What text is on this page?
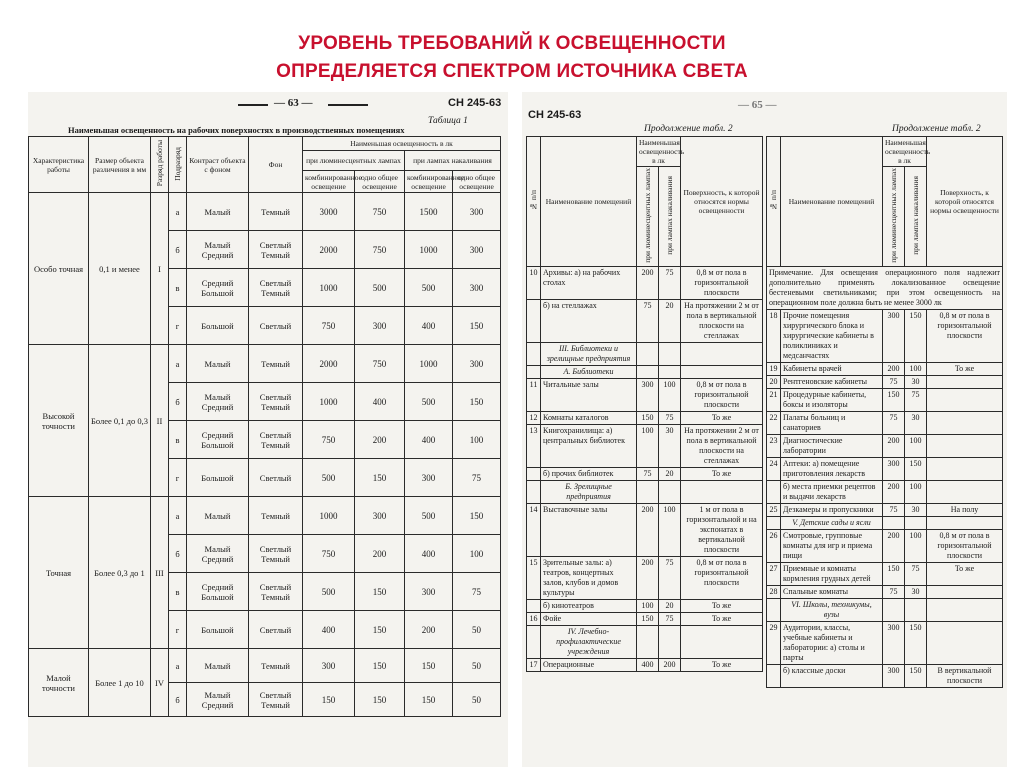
УРОВЕНЬ ТРЕБОВАНИЙ К ОСВЕЩЕННОСТИ
ОПРЕДЕЛЯЕТСЯ СПЕКТРОМ ИСТОЧНИКА СВЕТА
— 63 —	СН 245-63
Таблица 1
Наименьшая освещенность на рабочих поверхностях в производственных помещениях
Характеристика работы	Размер объекта различения в мм	Разряд работы	Подразряд	Контраст объекта с фоном	Фон	Наименьшая освещенность в лк			
						при люминесцентных лампах		при лампах накаливания	
						комбинированное освещение	одно общее освещение	комбинированное освещение	одно общее освещение
Особо точная	0,1 и менее	I	а	Малый	Темный	3000	750	1500	300
			б	Малый Средний	Светлый Темный	2000	750	1000	300
			в	Средний Большой	Светлый Темный	1000	500	500	300
			г	Большой	Светлый	750	300	400	150
Высокой точности	Более 0,1 до 0,3	II	а	Малый	Темный	2000	750	1000	300
			б	Малый Средний	Светлый Темный	1000	400	500	150
			в	Средний Большой	Светлый Темный	750	200	400	100
			г	Большой	Светлый	500	150	300	75
Точная	Более 0,3 до 1	III	а	Малый	Темный	1000	300	500	150
			б	Малый Средний	Светлый Темный	750	200	400	100
			в	Средний Большой	Светлый Темный	500	150	300	75
			г	Большой	Светлый	400	150	200	50
Малой точности	Более 1 до 10	IV	а	Малый	Темный	300	150	150	50
			б	Малый Средний	Светлый Темный	150	150	150	50
СН 245-63
— 65 —
Продолжение табл. 2	Продолжение табл. 2
№ п/п	Наименование помещений	Наименьшая освещенность в лк		Поверхность, к которой относятся нормы освещенности
		при люминесцентных лампах	при лампах накаливания	
10	Архивы: а) на рабочих столах	200	75	0,8 м от пола в горизонтальной плоскости
	б) на стеллажах	75	20	На протяжении 2 м от пола в вертикальной плоскости на стеллажах
	III. Библиотеки и зрелищные предприятия			
	А. Библиотеки			
11	Читальные залы	300	100	0,8 м от пола в горизонтальной плоскости
12	Комнаты каталогов	150	75	То же
13	Книгохранилища: а) центральных библиотек	100	30	На протяжении 2 м от пола в вертикальной плоскости на стеллажах
	б) прочих библиотек	75	20	То же
	Б. Зрелищные предприятия			
14	Выставочные залы	200	100	1 м от пола в горизонтальной и на экспонатах в вертикальной плоскости
15	Зрительные залы: а) театров, концертных залов, клубов и домов культуры	200	75	0,8 м от пола в горизонтальной плоскости
	б) кинотеатров	100	20	То же
16	Фойе	150	75	То же
	IV. Лечебно-профилактические учреждения			
17	Операционные	400	200	То же
№ п/п	Наименование помещений	Наименьшая освещенность в лк		Поверхность, к которой относятся нормы освещенности
		при люминесцентных лампах	при лампах накаливания	
Примечание. Для освещения операционного поля надлежит дополнительно применять локализованное освещение бестеневыми светильниками; при этом освещенность на операционном поле должна быть не менее 3000 лк				
18	Прочие помещения хирургического блока и хирургические кабинеты в поликлиниках и медсанчастях	300	150	0,8 м от пола в горизонтальной плоскости
19	Кабинеты врачей	200	100	То же
20	Рентгеновские кабинеты	75	30	
21	Процедурные кабинеты, боксы и изоляторы	150	75	
22	Палаты больниц и санаториев	75	30	
23	Диагностические лаборатории	200	100	
24	Аптеки: а) помещение приготовления лекарств	300	150	
	б) места приемки рецептов и выдачи лекарств	200	100	
25	Дезкамеры и пропускники	75	30	На полу
	V. Детские сады и ясли			
26	Смотровые, групповые комнаты для игр и приема пищи	200	100	0,8 м от пола в горизонтальной плоскости
27	Приемные и комнаты кормления грудных детей	150	75	То же
28	Спальные комнаты	75	30	
	VI. Школы, техникумы, вузы			
29	Аудитории, классы, учебные кабинеты и лаборатории: а) столы и парты	300	150	
	б) классные доски	300	150	В вертикальной плоскости
